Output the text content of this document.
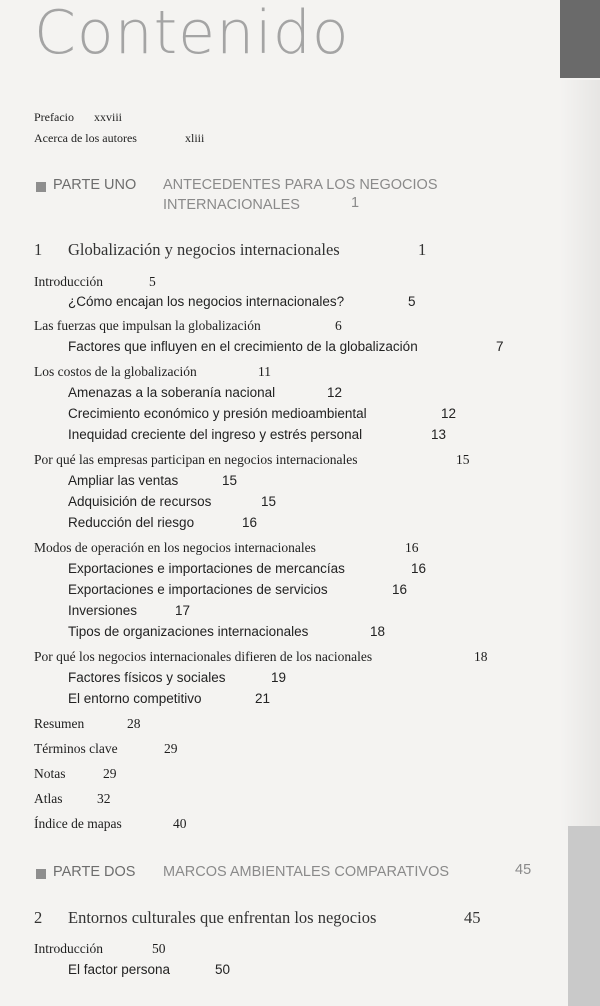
Contenido
Prefacio xxviii
Acerca de los autores	xliii
PARTE UNO ANTECEDENTES PARA LOS NEGOCIOS
INTERNACIONALES	1
1 Globalización y negocios internacionales	1
Introducción	5
¿Cómo encajan los negocios internacionales?	5
Las fuerzas que impulsan la globalización	6
Factores que influyen en el crecimiento de la globalización	7
Los costos de la globalización	11
Amenazas a la soberanía nacional	12
Crecimiento económico y presión medioambiental	12
Inequidad creciente del ingreso y estrés personal	13
Por qué las empresas participan en negocios internacionales	15
Ampliar las ventas	15
Adquisición de recursos	15
Reducción del riesgo	16
Modos de operación en los negocios internacionales	16
Exportaciones e importaciones de mercancías	16
Exportaciones e importaciones de servicios	16
Inversiones	17
Tipos de organizaciones internacionales	18
Por qué los negocios internacionales difieren de los nacionales	18
Factores físicos y sociales	19
El entorno competitivo	21
Resumen	28
Términos clave	29
Notas	29
Atlas	32
Índice de mapas	40
PARTE DOS MARCOS AMBIENTALES COMPARATIVOS	45
2 Entornos culturales que enfrentan los negocios	45
Introducción	50
El factor persona	50
